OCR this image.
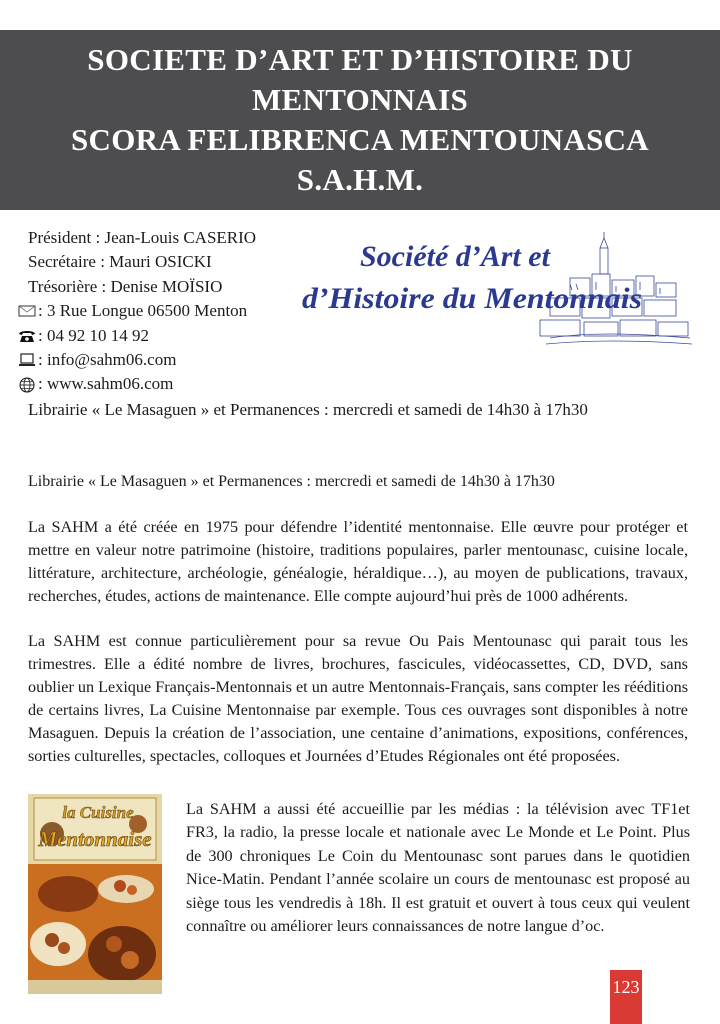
SOCIETE D’ART ET D’HISTOIRE DU
MENTONNAIS
SCORA FELIBRENCA MENTOUNASCA
S.A.H.M.
Président : Jean-Louis CASERIO
Secrétaire : Mauri OSICKI
Trésorière : Denise MOÏSIO
: 3 Rue Longue 06500 Menton
: 04 92 10 14 92
: info@sahm06.com
: www.sahm06.com
Société d’Art et
d’Histoire du Mentonnais
Librairie « Le Masaguen » et Permanences : mercredi et samedi de 14h30 à 17h30
Librairie « Le Masaguen » et Permanences : mercredi et samedi de 14h30 à 17h30
La SAHM a été créée en 1975 pour défendre l’identité mentonnaise. Elle œuvre pour protéger et mettre en valeur notre patrimoine (histoire, traditions populaires, parler mentounasc, cuisine locale, littérature, architecture, archéologie, généalogie, héraldique…), au moyen de publications, travaux, recherches, études, actions de maintenance. Elle compte aujourd’hui près de 1000 adhérents.
La SAHM est connue particulièrement pour sa revue Ou Pais Mentounasc qui parait tous les trimestres. Elle a édité nombre de livres, brochures, fascicules, vidéocassettes, CD, DVD, sans oublier un Lexique Français-Mentonnais et un autre Mentonnais-Français, sans compter les rééditions de certains livres, La Cuisine Mentonnaise par exemple. Tous ces ouvrages sont disponibles à notre Masaguen. Depuis la création de l’association, une centaine d’animations, expositions, conférences, sorties culturelles, spectacles, colloques et Journées d’Etudes Régionales ont été proposées.
la Cuisine
Mentonnaise
La SAHM a aussi été accueillie par les médias : la télévision avec TF1et FR3, la radio, la presse locale et nationale avec Le Monde et Le Point. Plus de 300 chroniques Le Coin du Mentounasc sont parues dans le quotidien Nice-Matin. Pendant l’année scolaire un cours de mentounasc est proposé au siège tous les vendredis à 18h. Il est gratuit et ouvert à tous ceux qui veulent connaître ou améliorer leurs connaissances de notre langue d’oc.
123
